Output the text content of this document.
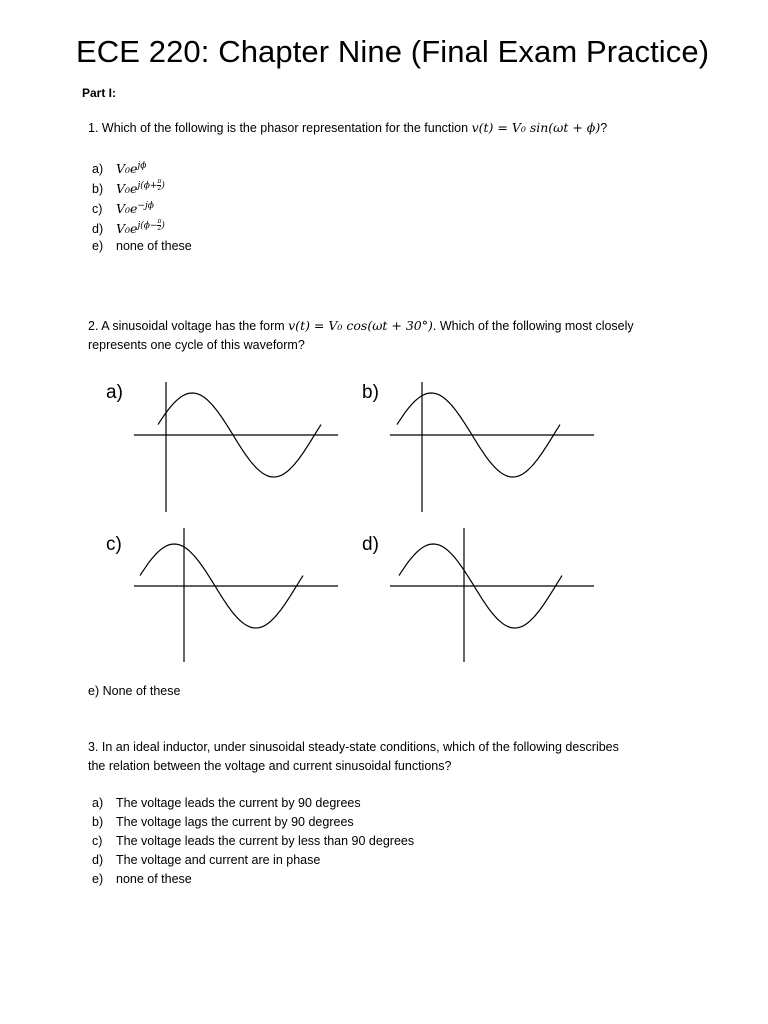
ECE 220: Chapter Nine (Final Exam Practice)
Part I:
1. Which of the following is the phasor representation for the function v(t) = V₀ sin(ωt + ϕ)?
a) $V_0e^{j\phi}$
b) $V_0e^{j(\phi+ \frac{\pi}{2} )}$
c) $V_0e^{-j\phi}$
d) $V_0e^{j(\phi- \frac{\pi}{2} )}$
e) none of these
2. A sinusoidal voltage has the form v(t) = V₀ cos(ωt + 30°). Which of the following most closely
represents one cycle of this waveform?
a)	b)
c)	d)
e) None of these
3. In an ideal inductor, under sinusoidal steady-state conditions, which of the following describes
the relation between the voltage and current sinusoidal functions?
a) The voltage leads the current by 90 degrees
b) The voltage lags the current by 90 degrees
c) The voltage leads the current by less than 90 degrees
d) The voltage and current are in phase
e) none of these
